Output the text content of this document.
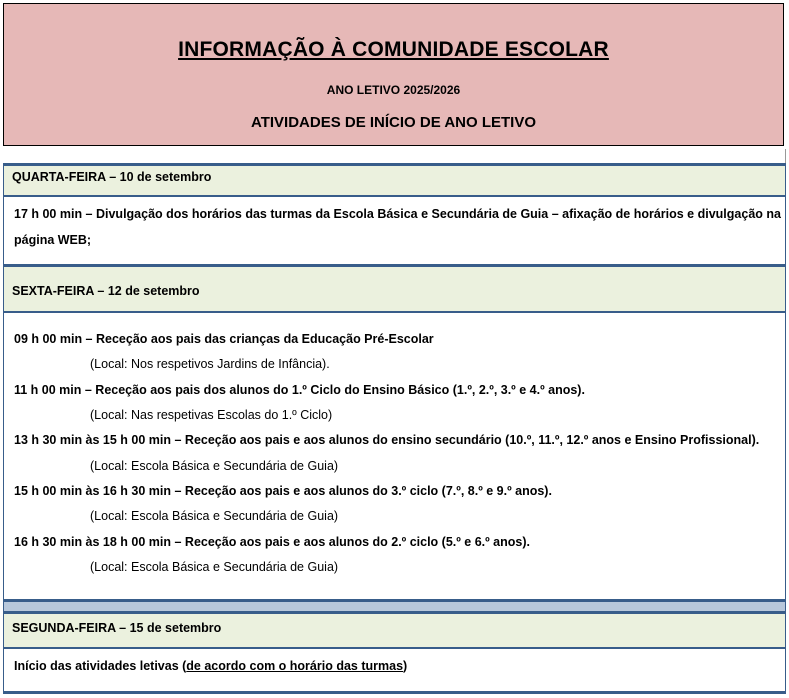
INFORMAÇÃO À COMUNIDADE ESCOLAR
ANO LETIVO 2025/2026
ATIVIDADES DE INÍCIO DE ANO LETIVO
QUARTA-FEIRA – 10 de setembro
17 h 00 min – Divulgação dos horários das turmas da Escola Básica e Secundária de Guia – afixação de horários e divulgação na
página WEB;
SEXTA-FEIRA – 12 de setembro
09 h 00 min – Receção aos pais das crianças da Educação Pré-Escolar
(Local: Nos respetivos Jardins de Infância).
11 h 00 min – Receção aos pais dos alunos do 1.º Ciclo do Ensino Básico (1.º, 2.º, 3.º e 4.º anos).
(Local: Nas respetivas Escolas do 1.º Ciclo)
13 h 30 min às 15 h 00 min – Receção aos pais e aos alunos do ensino secundário (10.º, 11.º, 12.º anos e Ensino Profissional).
(Local: Escola Básica e Secundária de Guia)
15 h 00 min às 16 h 30 min – Receção aos pais e aos alunos do 3.º ciclo (7.º, 8.º e 9.º anos).
(Local: Escola Básica e Secundária de Guia)
16 h 30 min às 18 h 00 min – Receção aos pais e aos alunos do 2.º ciclo (5.º e 6.º anos).
(Local: Escola Básica e Secundária de Guia)
SEGUNDA-FEIRA – 15 de setembro
Início das atividades letivas (de acordo com o horário das turmas)
